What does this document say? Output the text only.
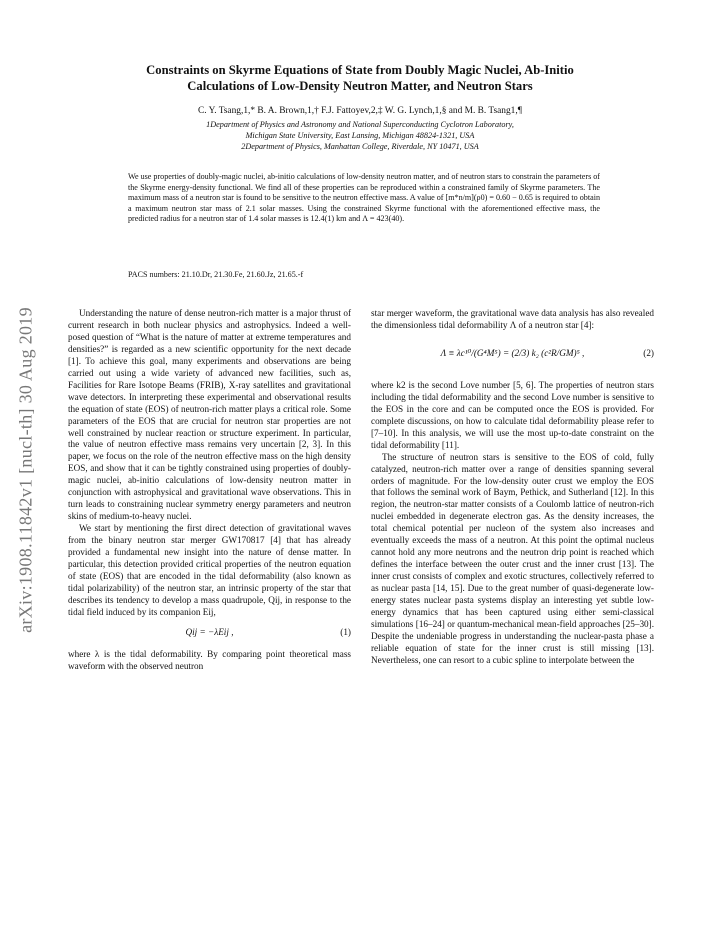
arXiv:1908.11842v1 [nucl-th] 30 Aug 2019

Constraints on Skyrme Equations of State from Doubly Magic Nuclei, Ab-Initio
Calculations of Low-Density Neutron Matter, and Neutron Stars

C. Y. Tsang,1,* B. A. Brown,1,† F.J. Fattoyev,2,‡ W. G. Lynch,1,§ and M. B. Tsang1,¶
1Department of Physics and Astronomy and National Superconducting Cyclotron Laboratory,
Michigan State University, East Lansing, Michigan 48824-1321, USA
2Department of Physics, Manhattan College, Riverdale, NY 10471, USA

We use properties of doubly-magic nuclei, ab-initio calculations of low-density neutron matter, and of neutron stars to constrain the parameters of the Skyrme energy-density functional. We find all of these properties can be reproduced within a constrained family of Skyrme parameters. The maximum mass of a neutron star is found to be sensitive to the neutron effective mass. A value of [m*n/m](ρ0) = 0.60 − 0.65 is required to obtain a maximum neutron star mass of 2.1 solar masses. Using the constrained Skyrme functional with the aforementioned effective mass, the predicted radius for a neutron star of 1.4 solar masses is 12.4(1) km and Λ = 423(40).

PACS numbers: 21.10.Dr, 21.30.Fe, 21.60.Jz, 21.65.-f

Understanding the nature of dense neutron-rich matter is a major thrust of current research in both nuclear physics and astrophysics. Indeed a well-posed question of “What is the nature of matter at extreme temperatures and densities?” is regarded as a new scientific opportunity for the next decade [1]. To achieve this goal, many experiments and observations are being carried out using a wide variety of advanced new facilities, such as, Facilities for Rare Isotope Beams (FRIB), X-ray satellites and gravitational wave detectors. In interpreting these experimental and observational results the equation of state (EOS) of neutron-rich matter plays a critical role. Some parameters of the EOS that are crucial for neutron star properties are not well constrained by nuclear reaction or structure experiment. In particular, the value of neutron effective mass remains very uncertain [2, 3]. In this paper, we focus on the role of the neutron effective mass on the high density EOS, and show that it can be tightly constrained using properties of doubly-magic nuclei, ab-initio calculations of low-density neutron matter in conjunction with astrophysical and gravitational wave observations. This in turn leads to constraining nuclear symmetry energy parameters and neutron skins of medium-to-heavy nuclei.

We start by mentioning the first direct detection of gravitational waves from the binary neutron star merger GW170817 [4] that has already provided a fundamental new insight into the nature of dense matter. In particular, this detection provided critical properties of the neutron equation of state (EOS) that are encoded in the tidal deformability (also known as tidal polarizability) of the neutron star, an intrinsic property of the star that describes its tendency to develop a mass quadrupole, Qij, in response to the tidal field induced by its companion Eij,

Qij = −λEij ,	(1)

where λ is the tidal deformability. By comparing point theoretical mass waveform with the observed neutron

star merger waveform, the gravitational wave data analysis has also revealed the dimensionless tidal deformability Λ of a neutron star [4]:

Λ ≡ λc¹⁰/(G⁴M⁵) = (2/3) k₂ (c²R/GM)⁵ ,	(2)

where k2 is the second Love number [5, 6]. The properties of neutron stars including the tidal deformability and the second Love number is sensitive to the EOS in the core and can be computed once the EOS is provided. For complete discussions, on how to calculate tidal deformability please refer to [7–10]. In this analysis, we will use the most up-to-date constraint on the tidal deformability [11].

The structure of neutron stars is sensitive to the EOS of cold, fully catalyzed, neutron-rich matter over a range of densities spanning several orders of magnitude. For the low-density outer crust we employ the EOS that follows the seminal work of Baym, Pethick, and Sutherland [12]. In this region, the neutron-star matter consists of a Coulomb lattice of neutron-rich nuclei embedded in degenerate electron gas. As the density increases, the total chemical potential per nucleon of the system also increases and eventually exceeds the mass of a neutron. At this point the optimal nucleus cannot hold any more neutrons and the neutron drip point is reached which defines the interface between the outer crust and the inner crust [13]. The inner crust consists of complex and exotic structures, collectively referred to as nuclear pasta [14, 15]. Due to the great number of quasi-degenerate low-energy states nuclear pasta systems display an interesting yet subtle low-energy dynamics that has been captured using either semi-classical simulations [16–24] or quantum-mechanical mean-field approaches [25–30]. Despite the undeniable progress in understanding the nuclear-pasta phase a reliable equation of state for the inner crust is still missing [13]. Nevertheless, one can resort to a cubic spline to interpolate between the
